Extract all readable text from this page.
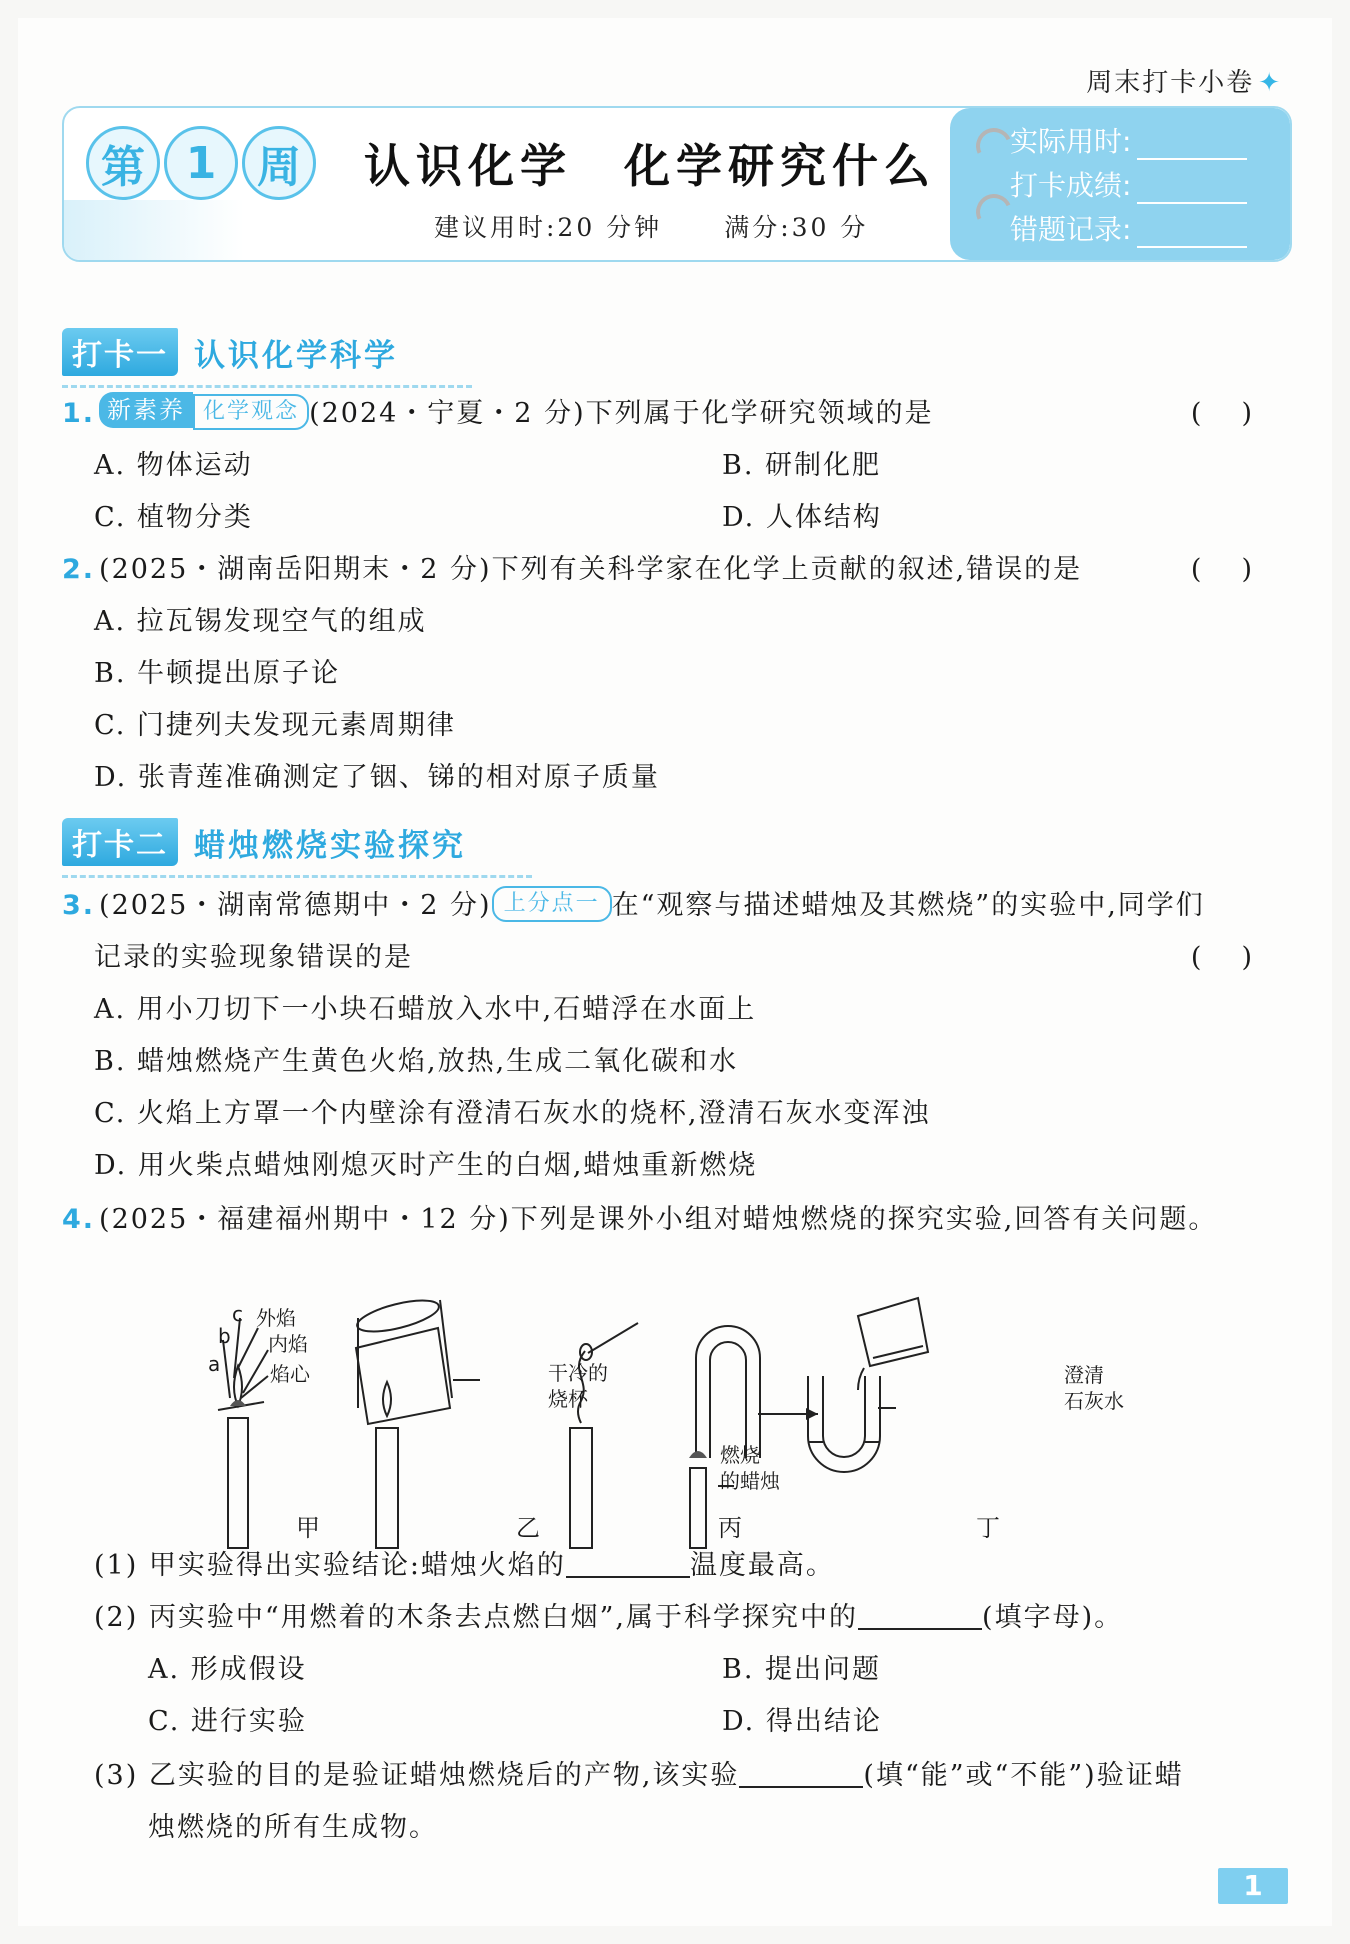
周末打卡小卷 ✦
第 1 周	认识化学　化学研究什么
建议用时:20 分钟 满分:30 分
实际用时:
打卡成绩:
错题记录:
打卡一 认识化学科学
1. 新素养 化学观念 (2024・宁夏・2 分)下列属于化学研究领域的是	()
A. 物体运动	B. 研制化肥
C. 植物分类	D. 人体结构
2. (2025・湖南岳阳期末・2 分)下列有关科学家在化学上贡献的叙述,错误的是	()
A. 拉瓦锡发现空气的组成
B. 牛顿提出原子论
C. 门捷列夫发现元素周期律
D. 张青莲准确测定了铟、锑的相对原子质量
打卡二 蜡烛燃烧实验探究
3. (2025・湖南常德期中・2 分) 上分点一 在“观察与描述蜡烛及其燃烧”的实验中,同学们
记录的实验现象错误的是	()
A. 用小刀切下一小块石蜡放入水中,石蜡浮在水面上
B. 蜡烛燃烧产生黄色火焰,放热,生成二氧化碳和水
C. 火焰上方罩一个内壁涂有澄清石灰水的烧杯,澄清石灰水变浑浊
D. 用火柴点蜡烛刚熄灭时产生的白烟,蜡烛重新燃烧
4. (2025・福建福州期中・12 分)下列是课外小组对蜡烛燃烧的探究实验,回答有关问题。
c
b
a
外焰
内焰
焰心	干冷的
烧杯
燃烧
的蜡烛
澄清
石灰水
甲	乙	丙	丁
(1) 甲实验得出实验结论:蜡烛火焰的	温度最高。
(2) 丙实验中“用燃着的木条去点燃白烟”,属于科学探究中的	(填字母)。
A. 形成假设	B. 提出问题
C. 进行实验	D. 得出结论
(3) 乙实验的目的是验证蜡烛燃烧后的产物,该实验	(填“能”或“不能”)验证蜡
烛燃烧的所有生成物。
1
